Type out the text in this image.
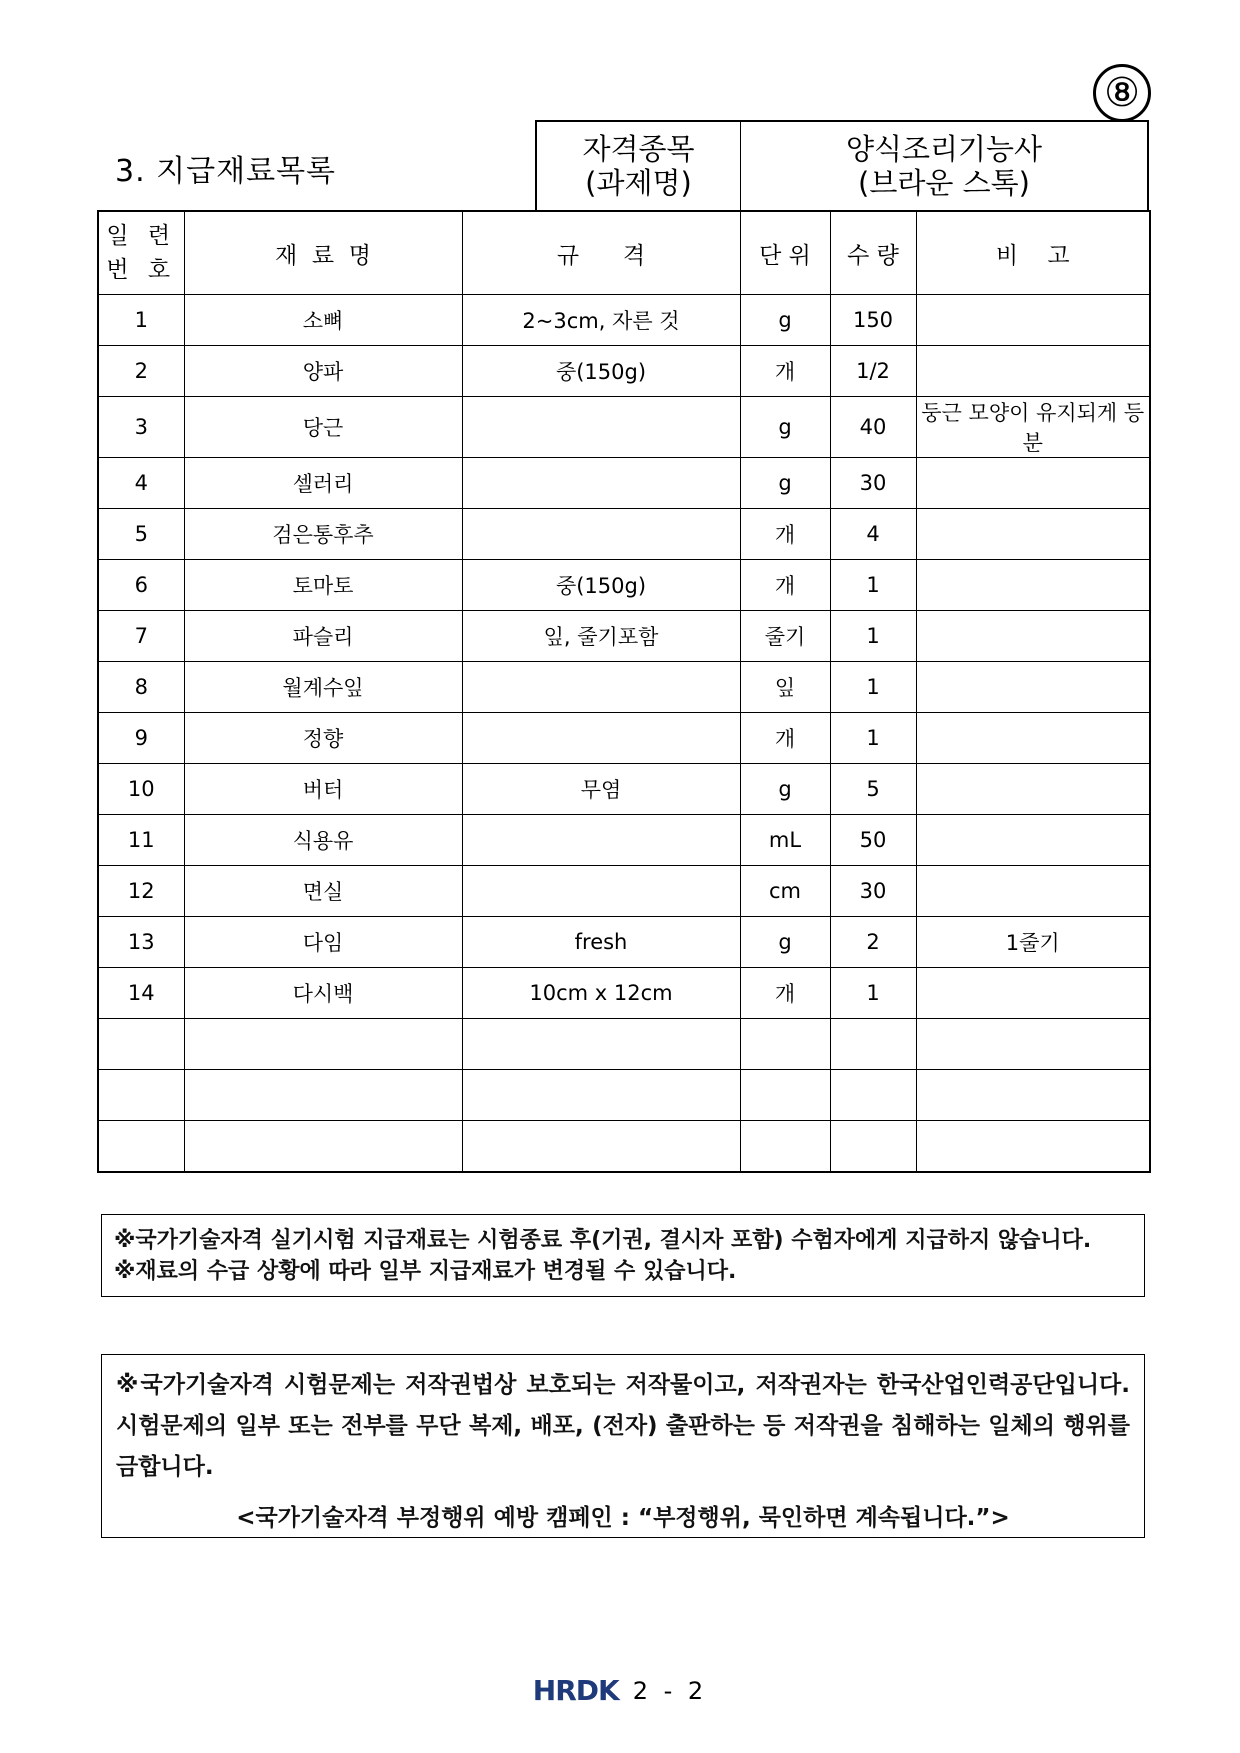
⑧
3. 지급재료목록
자격종목
(과제명)
양식조리기능사
(브라운 스톡)
일 련
번 호	재  료  명	규      격	단 위	수 량	비    고
1	소뼈	2~3cm, 자른 것	g	150	
2	양파	중(150g)	개	1/2	
3	당근		g	40	둥근 모양이 유지되게 등분
4	셀러리		g	30	
5	검은통후추		개	4	
6	토마토	중(150g)	개	1	
7	파슬리	잎, 줄기포함	줄기	1	
8	월계수잎		잎	1	
9	정향		개	1	
10	버터	무염	g	5	
11	식용유		mL	50	
12	면실		cm	30	
13	다임	fresh	g	2	1줄기
14	다시백	10cm x 12cm	개	1	

※국가기술자격 실기시험 지급재료는 시험종료 후(기권, 결시자 포함) 수험자에게 지급하지 않습니다.

※재료의 수급 상황에 따라 일부 지급재료가 변경될 수 있습니다.

※국가기술자격 시험문제는 저작권법상 보호되는 저작물이고, 저작권자는 한국산업인력공단입니다. 시험문제의 일부 또는 전부를 무단 복제, 배포, (전자) 출판하는 등 저작권을 침해하는 일체의 행위를 금합니다.

<국가기술자격 부정행위 예방 캠페인 : “부정행위, 묵인하면 계속됩니다.”>

HRDK 2 - 2
